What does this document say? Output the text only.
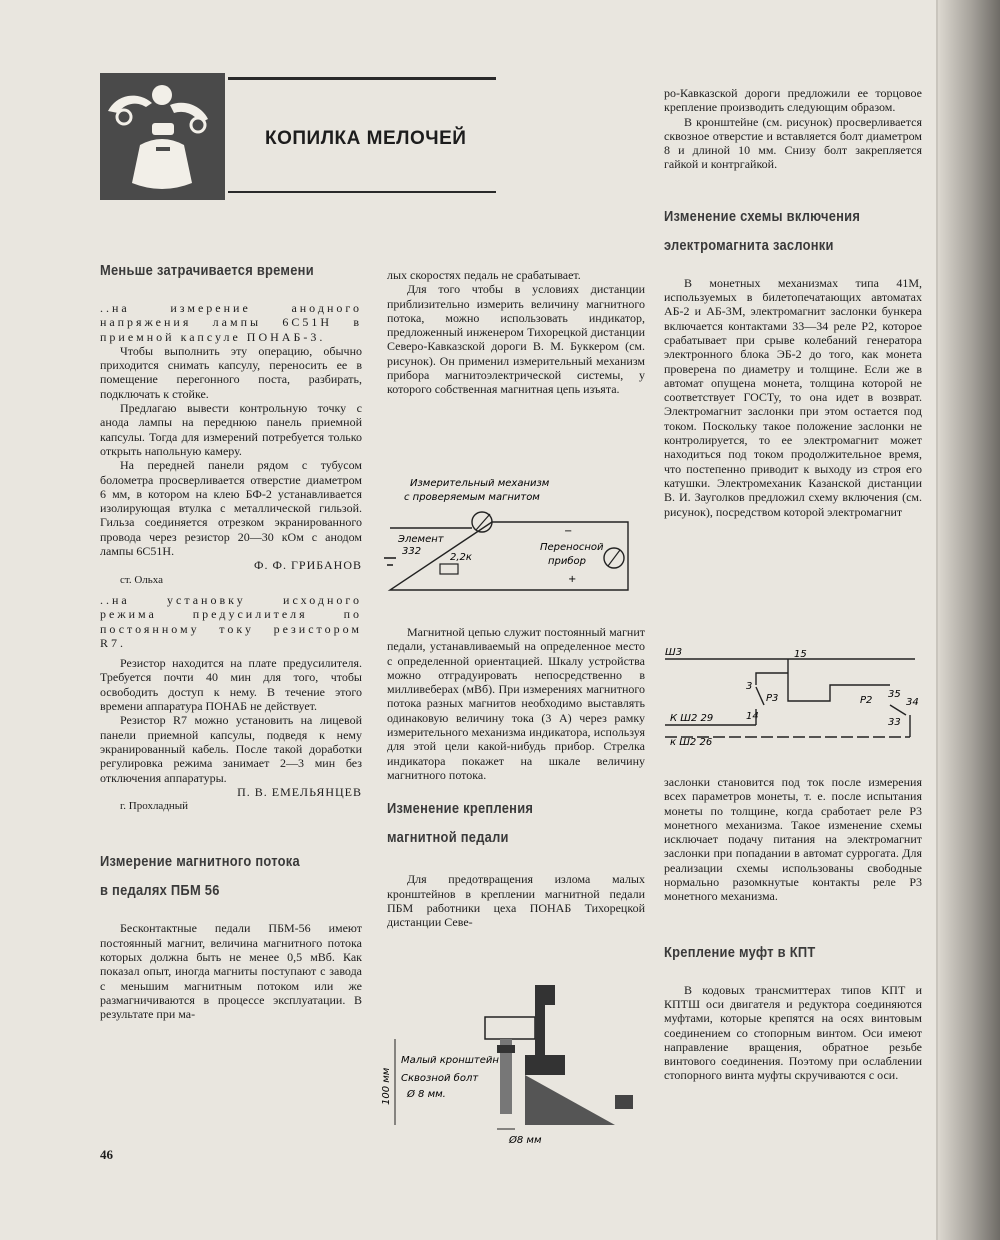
КОПИЛКА МЕЛОЧЕЙ
Меньше затрачивается времени

..на измерение анодного напряжения лампы 6С51Н в приемной капсуле ПОНАБ-3.

Чтобы выполнить эту операцию, обычно приходится снимать капсулу, переносить ее в помещение перегонного поста, разбирать, подключать к стойке.

Предлагаю вывести контрольную точку с анода лампы на переднюю панель приемной капсулы. Тогда для измерений потребуется только открыть напольную камеру.

На передней панели рядом с тубусом болометра просверливается отверстие диаметром 6 мм, в котором на клею БФ-2 устанавливается изолирующая втулка с металлической гильзой. Гильза соединяется отрезком экранированного провода через резистор 20—30 кОм с анодом лампы 6С51Н.

Ф. Ф. ГРИБАНОВ

ст. Ольха

..на установку исходного режима предусилителя по постоянному току резистором R7.

Резистор находится на плате предусилителя. Требуется почти 40 мин для того, чтобы освободить доступ к нему. В течение этого времени аппаратура ПОНАБ не действует.

Резистор R7 можно установить на лицевой панели приемной капсулы, подведя к нему экранированный кабель. После такой доработки регулировка режима занимает 2—3 мин без отключения аппаратуры.

П. В. ЕМЕЛЬЯНЦЕВ

г. Прохладный

Измерение магнитного потока
в педалях ПБМ 56

Бесконтактные педали ПБМ-56 имеют постоянный магнит, величина магнитного потока которых должна быть не менее 0,5 мВб. Как показал опыт, иногда магниты поступают с завода с меньшим магнитным потоком или же размагничиваются в процессе эксплуатации. В результате при ма-

лых скоростях педаль не срабатывает.

Для того чтобы в условиях дистанции приблизительно измерить величину магнитного потока, можно использовать индикатор, предложенный инженером Тихорецкой дистанции Северо-Кавказской дороги В. М. Буккером (см. рисунок). Он применил измерительный механизм прибора магнитоэлектрической системы, у которого собственная магнитная цепь изъята.

Измерительный механизм
с проверяемым магнитом
Элемент
332
2,2к
Переносной
прибор
−
+

Магнитной цепью служит постоянный магнит педали, устанавливаемый на определенное место с определенной ориентацией. Шкалу устройства можно отградуировать непосредственно в милливеберах (мВб). При измерениях магнитного потока разных магнитов необходимо выставлять одинаковую величину тока (3 А) через рамку измерительного механизма индикатора, используя для этой цели какой-нибудь прибор. Стрелка индикатора покажет на шкале величину магнитного потока.

Изменение крепления
магнитной педали

Для предотвращения излома малых кронштейнов в креплении магнитной педали ПБМ работники цеха ПОНАБ Тихорецкой дистанции Севе-

100 мм
Малый кронштейн
Сквозной болт
Ø 8 мм.
Ø8 мм

ро-Кавказской дороги предложили ее торцовое крепление производить следующим образом.

В кронштейне (см. рисунок) просверливается сквозное отверстие и вставляется болт диаметром 8 и длиной 10 мм. Снизу болт закрепляется гайкой и контргайкой.

Изменение схемы включения
электромагнита заслонки

В монетных механизмах типа 41М, используемых в билетопечатающих автоматах АБ-2 и АБ-3М, электромагнит заслонки бункера включается контактами 33—34 реле Р2, которое срабатывает при срыве колебаний генератора электронного блока ЭБ-2 до того, как монета проверена по диаметру и толщине. Если же в автомат опущена монета, толщина которой не соответствует ГОСТу, то она идет в возврат. Электромагнит заслонки при этом остается под током. Поскольку такое положение заслонки не контролируется, то ее электромагнит может находиться под током продолжительное время, что постепенно приводит к выходу из строя его катушки. Электромеханик Казанской дистанции В. И. Зауголков предложил схему включения (см. рисунок), посредством которой электромагнит

Ш3	15
3
Р3
14
К Ш2 29
Р2
35
34
33
к Ш2 26

заслонки становится под ток после измерения всех параметров монеты, т. е. после испытания монеты по толщине, когда сработает реле Р3 монетного механизма. Такое изменение схемы исключает подачу питания на электромагнит заслонки при попадании в автомат суррогата. Для реализации схемы использованы свободные нормально разомкнутые контакты реле Р3 монетного механизма.

Крепление муфт в КПТ

В кодовых трансмиттерах типов КПТ и КПТШ оси двигателя и редуктора соединяются муфтами, которые крепятся на осях винтовым соединением со стопорным винтом. Оси имеют направление вращения, обратное резьбе винтового соединения. Поэтому при ослаблении стопорного винта муфты скручиваются с оси.

46
